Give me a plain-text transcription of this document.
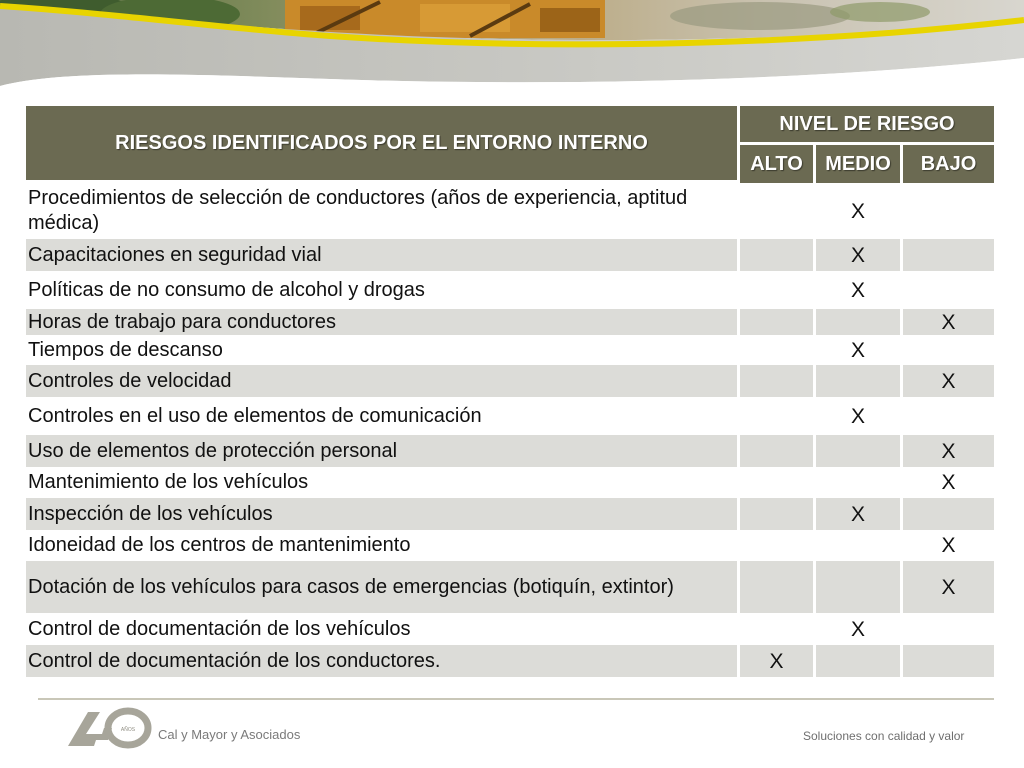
RIESGOS IDENTIFICADOS POR EL ENTORNO INTERNO	NIVEL DE RIESGO		
	ALTO	MEDIO	BAJO
Procedimientos de selección de conductores (años de experiencia, aptitud médica)		X	
Capacitaciones en seguridad vial		X	
Políticas de no consumo de alcohol y drogas		X	
Horas de trabajo para conductores			X
Tiempos de descanso		X	
Controles de velocidad			X
Controles en el uso de elementos de comunicación		X	
Uso de elementos de protección personal			X
Mantenimiento de los vehículos			X
Inspección de los vehículos		X	
Idoneidad de los centros de mantenimiento			X
Dotación de los vehículos para casos de emergencias (botiquín, extintor)			X
Control de documentación de los vehículos		X	
Control de documentación de los conductores.	X		
AÑOS Cal y Mayor y Asociados	Soluciones con calidad y valor
